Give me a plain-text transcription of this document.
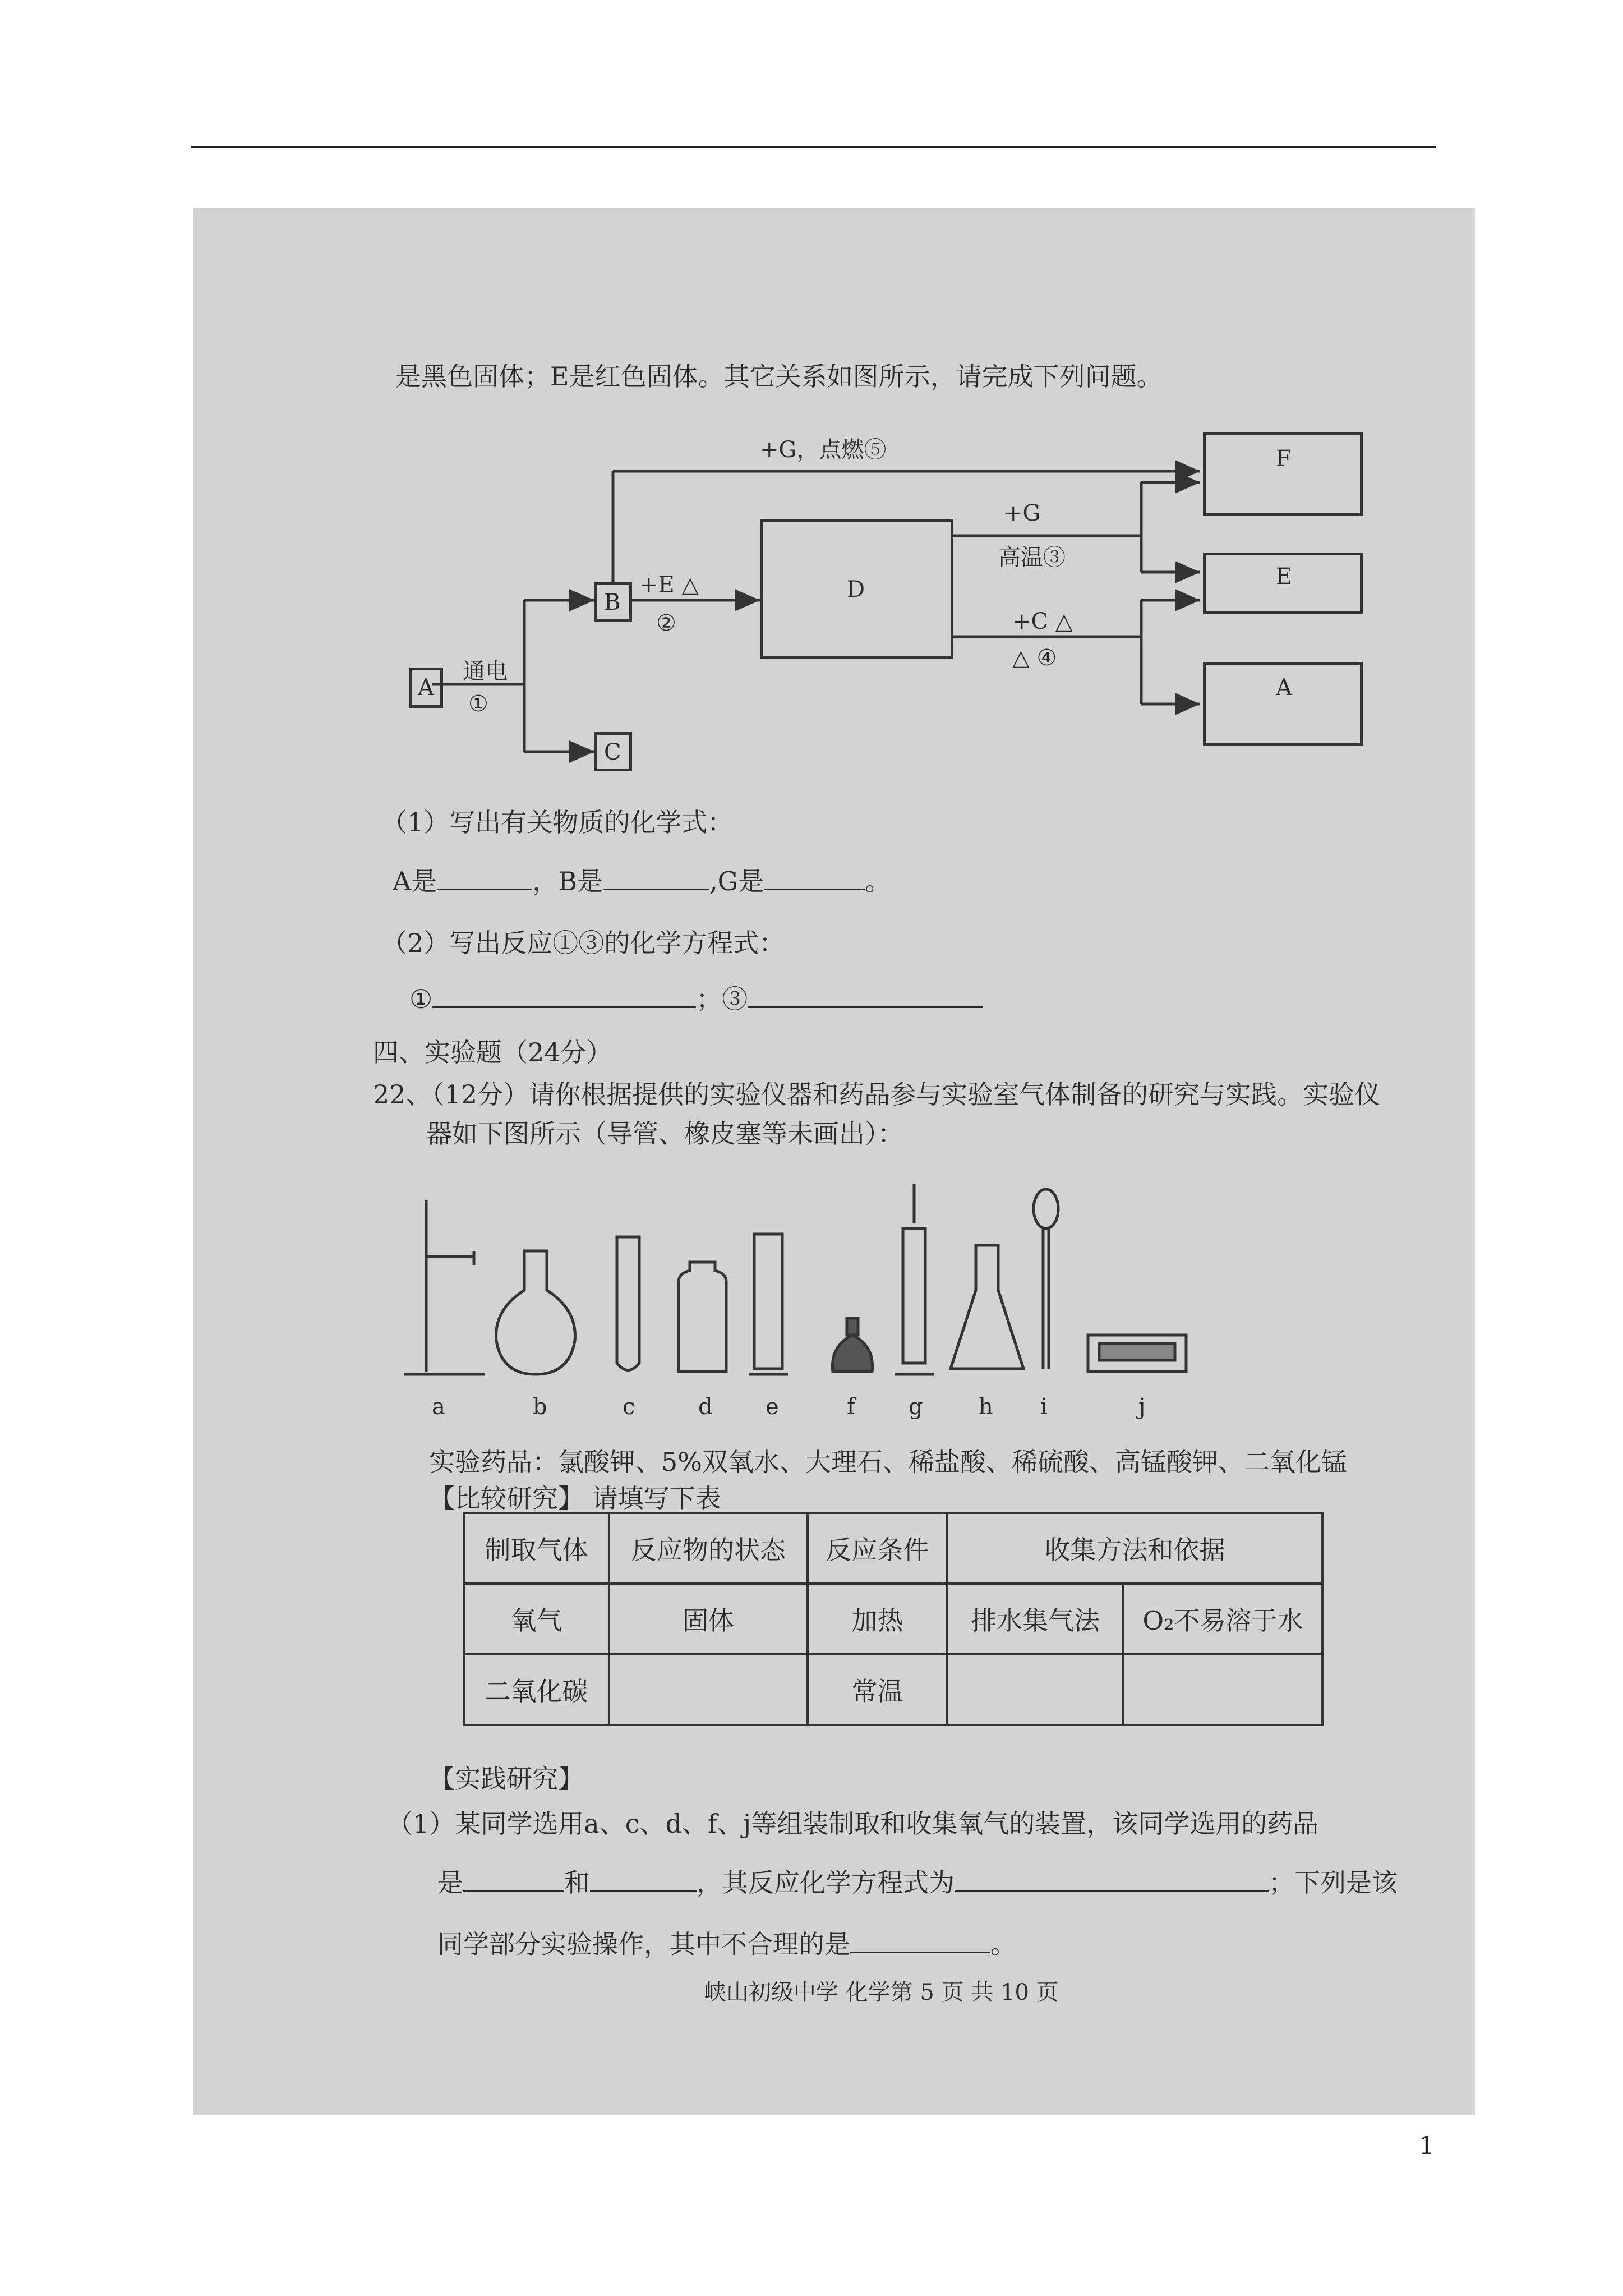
是黑色固体；E是红色固体。其它关系如图所示，请完成下列问题。
A
B
C
D
F
E
A
通电
①
+E △
②
+G，点燃⑤
+G
高温③
+C △
△ ④
（1）写出有关物质的化学式：
A是	，B是	,G是	。
（2）写出反应①③的化学方程式：
①	；③
四、实验题（24分）
22、（12分）请你根据提供的实验仪器和药品参与实验室气体制备的研究与实践。实验仪
器如下图所示（导管、橡皮塞等未画出）：
a	b	c	d e	f g h i	j
实验药品：氯酸钾、5%双氧水、大理石、稀盐酸、稀硫酸、高锰酸钾、二氧化锰
【比较研究】 请填写下表
制取气体	反应物的状态	反应条件	收集方法和依据	
氧气	固体	加热	排水集气法	O₂不易溶于水
二氧化碳		常温		
【实践研究】
（1）某同学选用a、c、d、f、j等组装制取和收集氧气的装置，该同学选用的药品
是	和	，其反应化学方程式为	；下列是该
同学部分实验操作，其中不合理的是	。
峡山初级中学 化学第 5 页 共 10 页
1
